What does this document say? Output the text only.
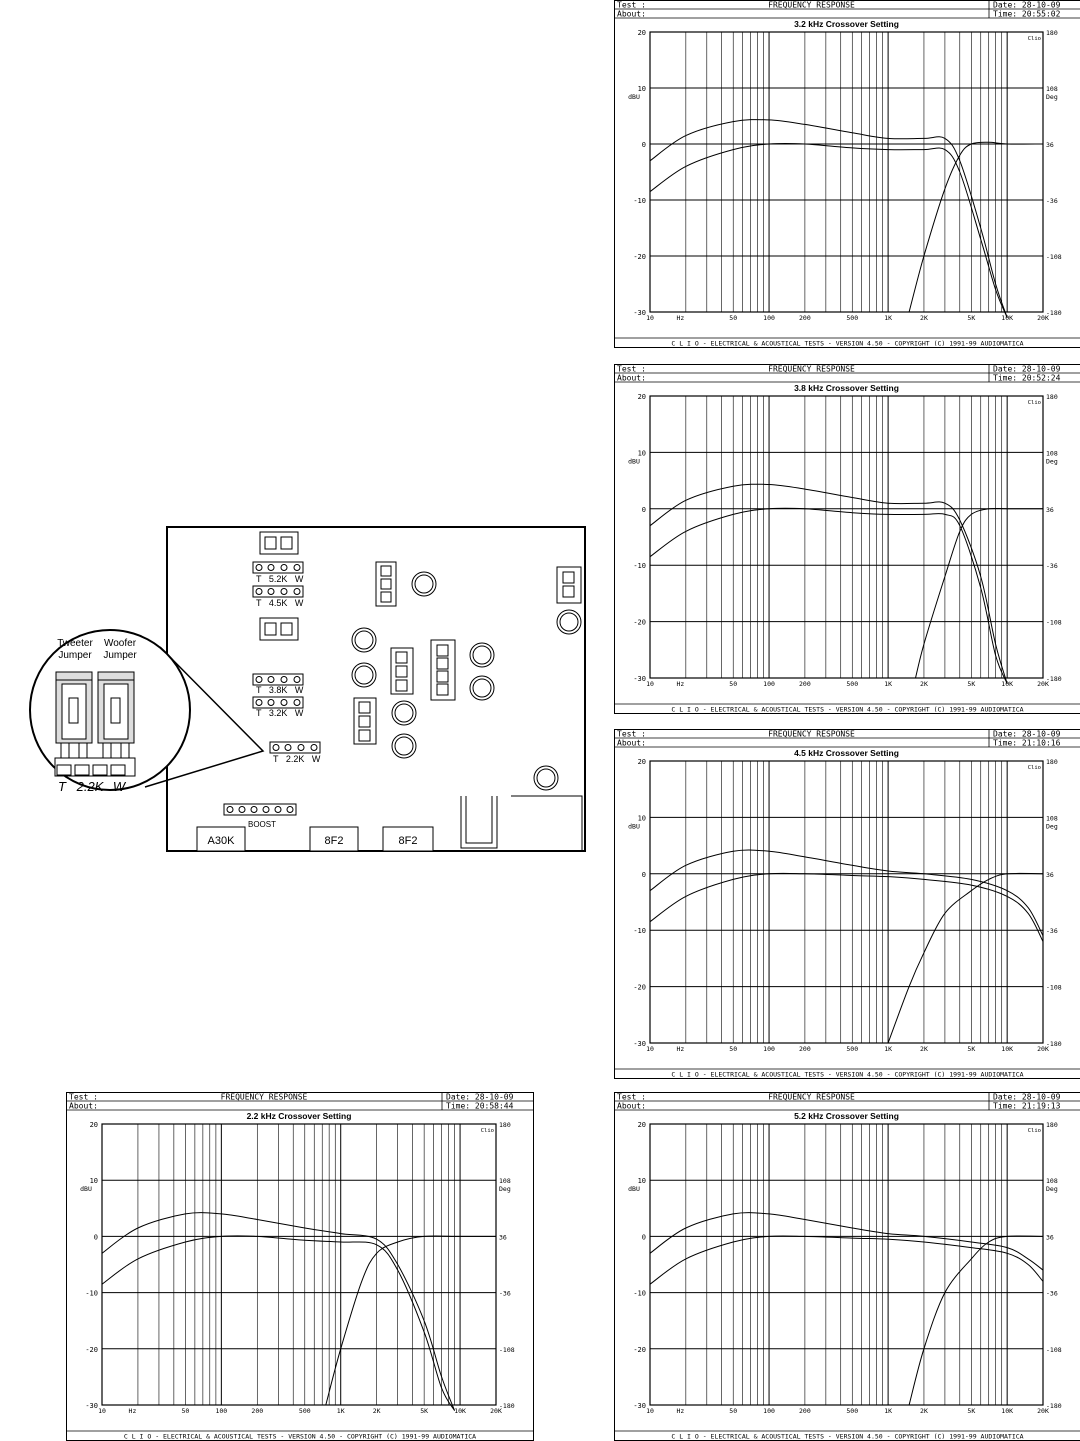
Test :
About:
FREQUENCY RESPONSE	Date: 28-10-09
Time: 20:55:02
3.2 kHz Crossover Setting
20
10
0
-10
-20
-30
180
108
36
-36
-108
-180
dBU	Deg
Clio
10	50	100	200	500	1K	2K	5K	10K	20K
Hz
C L I O - ELECTRICAL & ACOUSTICAL TESTS - VERSION 4.50 - COPYRIGHT (C) 1991-99 AUDIOMATICA
Test :
About:
FREQUENCY RESPONSE	Date: 28-10-09
Time: 20:52:24
3.8 kHz Crossover Setting
20
10
0
-10
-20
-30
180
108
36
-36
-108
-180
dBU	Deg
Clio
10	50	100	200	500	1K	2K	5K	10K	20K
Hz
C L I O - ELECTRICAL & ACOUSTICAL TESTS - VERSION 4.50 - COPYRIGHT (C) 1991-99 AUDIOMATICA
Test :
About:
FREQUENCY RESPONSE	Date: 28-10-09
Time: 21:10:16
4.5 kHz Crossover Setting
20
10
0
-10
-20
-30
180
108
36
-36
-108
-180
dBU	Deg
Clio
10	50	100	200	500	1K	2K	5K	10K	20K
Hz
C L I O - ELECTRICAL & ACOUSTICAL TESTS - VERSION 4.50 - COPYRIGHT (C) 1991-99 AUDIOMATICA
Test :
About:
FREQUENCY RESPONSE	Date: 28-10-09
Time: 20:58:44
2.2 kHz Crossover Setting
20
10
0
-10
-20
-30
180
108
36
-36
-108
-180
dBU	Deg
Clio
10	50	100	200	500	1K	2K	5K	10K	20K
Hz
C L I O - ELECTRICAL & ACOUSTICAL TESTS - VERSION 4.50 - COPYRIGHT (C) 1991-99 AUDIOMATICA
Test :
About:
FREQUENCY RESPONSE	Date: 28-10-09
Time: 21:19:13
5.2 kHz Crossover Setting
20
10
0
-10
-20
-30
180
108
36
-36
-108
-180
dBU	Deg
Clio
10	50	100	200	500	1K	2K	5K	10K	20K
Hz
C L I O - ELECTRICAL & ACOUSTICAL TESTS - VERSION 4.50 - COPYRIGHT (C) 1991-99 AUDIOMATICA
T   5.2K   W
T   4.5K   W
T   3.8K   W
T   3.2K   W
T   2.2K   W
BOOST
A30K	8F2	8F2
Tweeter Jumper
Woofer Jumper
T 2.2K W
